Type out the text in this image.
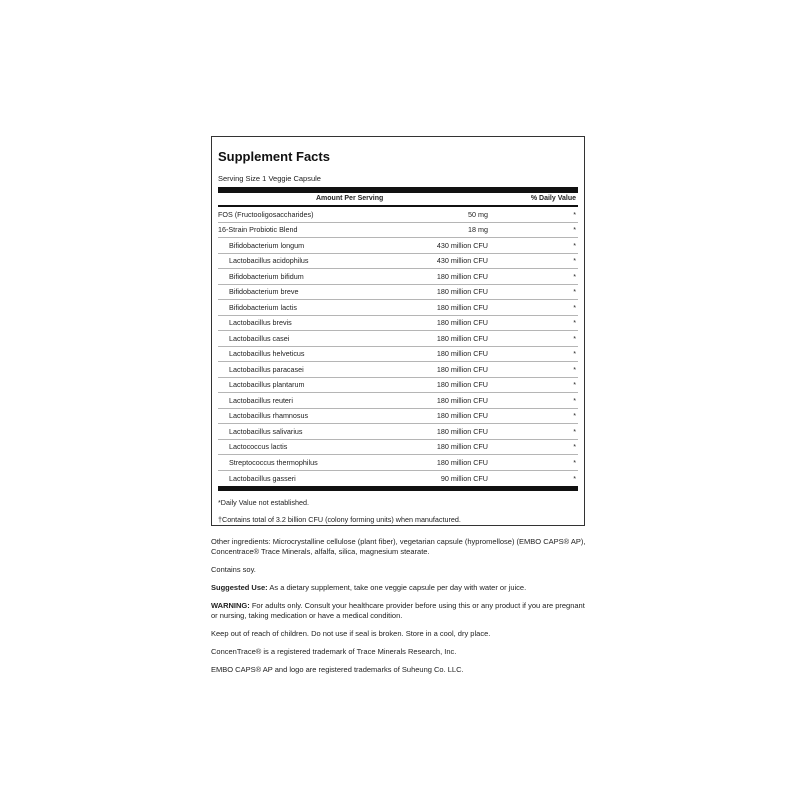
Supplement Facts
Serving Size 1 Veggie Capsule
Amount Per Serving	% Daily Value
FOS (Fructooligosaccharides)	50 mg	*
16-Strain Probiotic Blend	18 mg	*
Bifidobacterium longum	430 million CFU	*
Lactobacillus acidophilus	430 million CFU	*
Bifidobacterium bifidum	180 million CFU	*
Bifidobacterium breve	180 million CFU	*
Bifidobacterium lactis	180 million CFU	*
Lactobacillus brevis	180 million CFU	*
Lactobacillus casei	180 million CFU	*
Lactobacillus helveticus	180 million CFU	*
Lactobacillus paracasei	180 million CFU	*
Lactobacillus plantarum	180 million CFU	*
Lactobacillus reuteri	180 million CFU	*
Lactobacillus rhamnosus	180 million CFU	*
Lactobacillus salivarius	180 million CFU	*
Lactococcus lactis	180 million CFU	*
Streptococcus thermophilus	180 million CFU	*
Lactobacillus gasseri	90 million CFU	*
*Daily Value not established.
†Contains total of 3.2 billion CFU (colony forming units) when manufactured.

Other ingredients: Microcrystalline cellulose (plant fiber), vegetarian capsule (hypromellose) (EMBO CAPS® AP), Concentrace® Trace Minerals, alfalfa, silica, magnesium stearate.

Contains soy.

Suggested Use: As a dietary supplement, take one veggie capsule per day with water or juice.

WARNING: For adults only. Consult your healthcare provider before using this or any product if you are pregnant or nursing, taking medication or have a medical condition.

Keep out of reach of children. Do not use if seal is broken. Store in a cool, dry place.

ConcenTrace® is a registered trademark of Trace Minerals Research, Inc.

EMBO CAPS® AP and logo are registered trademarks of Suheung Co. LLC.
